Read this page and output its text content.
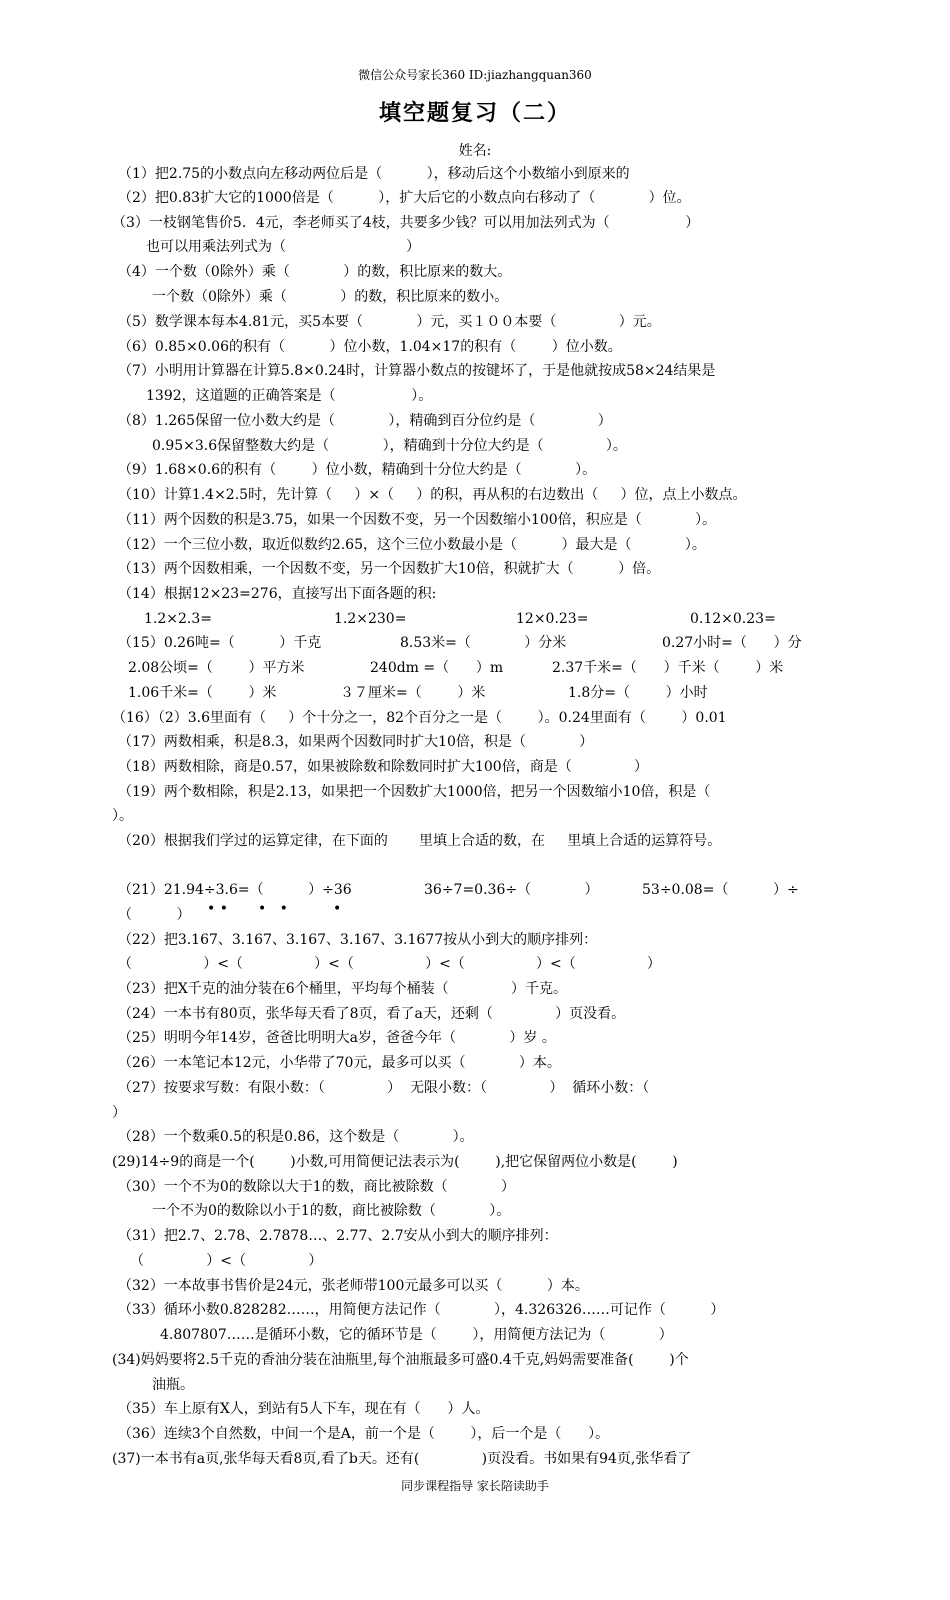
微信公众号家长360 ID:jiazhangquan360
填空题复习（二）
姓名:
（1）把2.75的小数点向左移动两位后是（          ），移动后这个小数缩小到原来的
（2）把0.83扩大它的1000倍是（          ），扩大后它的小数点向右移动了（            ）位。
（3）一枝钢笔售价5．4元，李老师买了4枝，共要多少钱？可以用加法列式为（                 ）
也可以用乘法列式为（                           ）
（4）一个数（0除外）乘（            ）的数，积比原来的数大。
一个数（0除外）乘（            ）的数，积比原来的数小。
（5）数学课本每本4.81元，买5本要（            ）元，买１００本要（              ）元。
（6）0.85×0.06的积有（          ）位小数，1.04×17的积有（        ）位小数。
（7）小明用计算器在计算5.8×0.24时，计算器小数点的按键坏了，于是他就按成58×24结果是
1392，这道题的正确答案是（                 ）。
（8）1.265保留一位小数大约是（            ），精确到百分位约是（              ）
0.95×3.6保留整数大约是（            ），精确到十分位大约是（              ）。
（9）1.68×0.6的积有（        ）位小数，精确到十分位大约是（            ）。
（10）计算1.4×2.5时，先计算（     ）×（     ）的积，再从积的右边数出（     ）位，点上小数点。
（11）两个因数的积是3.75，如果一个因数不变，另一个因数缩小100倍，积应是（            ）。
（12）一个三位小数，取近似数约2.65，这个三位小数最小是（          ）最大是（            ）。
（13）两个因数相乘，一个因数不变，另一个因数扩大10倍，积就扩大（          ）倍。
（14）根据12×23=276，直接写出下面各题的积:
1.2×2.3=	1.2×230=	12×0.23=	0.12×0.23=
（15）0.26吨=（          ）千克	8.53米=（            ）分米	0.27小时=（      ）分
2.08公顷=（        ）平方米	240dm =（      ）m	2.37千米=（      ）千米（        ）米
1.06千米=（        ）米	３７厘米=（        ）米	1.8分=（        ）小时
（16）（2）3.6里面有（     ）个十分之一，82个百分之一是（        ）。0.24里面有（        ）0.01
（17）两数相乘，积是8.3，如果两个因数同时扩大10倍，积是（            ）
（18）两数相除，商是0.57，如果被除数和除数同时扩大100倍，商是（              ）
（19）两个数相除，积是2.13，如果把一个因数扩大1000倍，把另一个因数缩小10倍，积是（
）。
（20）根据我们学过的运算定律，在下面的       里填上合适的数，在     里填上合适的运算符号。
（21）21.94÷3.6=（          ）÷36	36÷7=0.36÷（            ）	53÷0.08=（          ）÷
（          ）
（22）把3.167、3.167、3.167、3.167、3.1677按从小到大的顺序排列：
（                ）<（                ）<（                ）<（                ）<（                ）
（23）把X千克的油分装在6个桶里，平均每个桶装（              ）千克。
（24）一本书有80页，张华每天看了8页，看了a天，还剩（              ）页没看。
（25）明明今年14岁，爸爸比明明大a岁，爸爸今年（            ）岁 。
（26）一本笔记本12元，小华带了70元，最多可以买（            ）本。
（27）按要求写数：有限小数：（              ）  无限小数：（              ）  循环小数：（
）
（28）一个数乘0.5的积是0.86，这个数是（            ）。
(29)14÷9的商是一个(        )小数,可用简便记法表示为(        ),把它保留两位小数是(        )
（30）一个不为0的数除以大于1的数，商比被除数（            ）
一个不为0的数除以小于1的数，商比被除数（            ）。
（31）把2.7、2.78、2.7878…、2.77、2.7安从小到大的顺序排列：
（              ）<（              ）
（32）一本故事书售价是24元，张老师带100元最多可以买（          ）本。
（33）循环小数0.828282……，用简便方法记作（            ），4.326326……可记作（          ）
4.807807……是循环小数，它的循环节是（        ），用简便方法记为（            ）
(34)妈妈要将2.5千克的香油分装在油瓶里,每个油瓶最多可盛0.4千克,妈妈需要准备(        )个
油瓶。
（35）车上原有X人，到站有5人下车，现在有（      ）人。
（36）连续3个自然数，中间一个是A，前一个是（        ），后一个是（      ）。
(37)一本书有a页,张华每天看8页,看了b天。还有(              )页没看。书如果有94页,张华看了
• • •   •	•
同步课程指导 家长陪读助手
